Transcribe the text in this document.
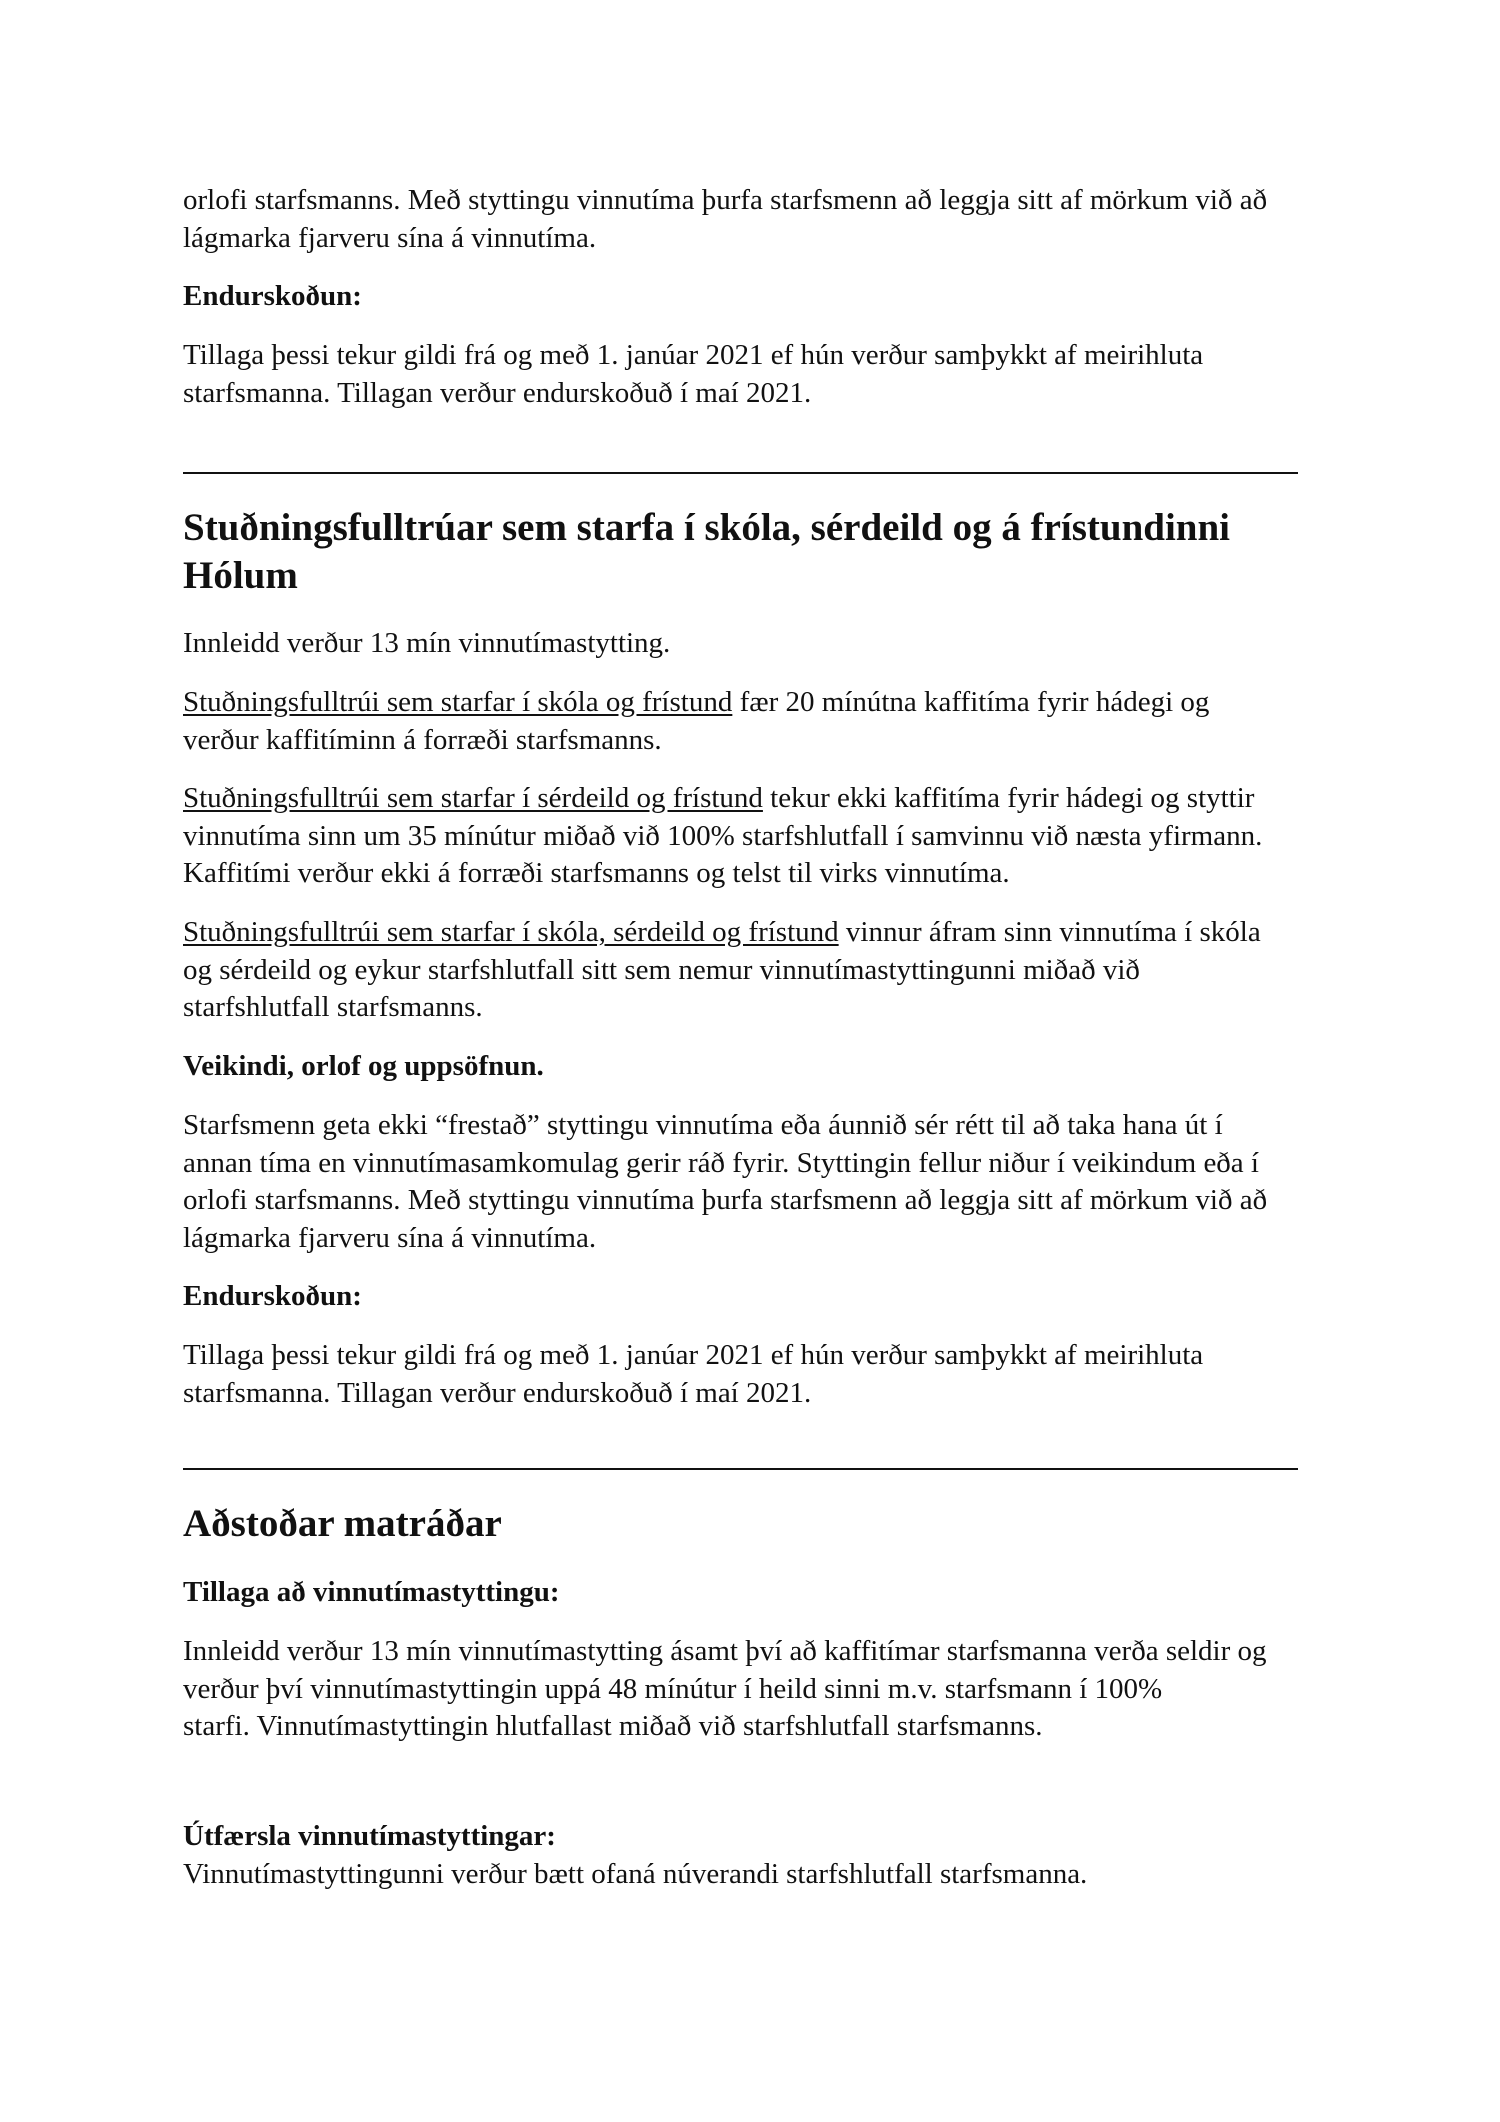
orlofi starfsmanns. Með styttingu vinnutíma þurfa starfsmenn að leggja sitt af mörkum við að

lágmarka fjarveru sína á vinnutíma.

Endurskoðun:

Tillaga þessi tekur gildi frá og með 1. janúar 2021 ef hún verður samþykkt af meirihluta

starfsmanna. Tillagan verður endurskoðuð í maí 2021.

Stuðningsfulltrúar sem starfa í skóla, sérdeild og á frístundinni
Hólum

Innleidd verður 13 mín vinnutímastytting.

Stuðningsfulltrúi sem starfar í skóla og frístund fær 20 mínútna kaffitíma fyrir hádegi og

verður kaffitíminn á forræði starfsmanns.

Stuðningsfulltrúi sem starfar í sérdeild og frístund tekur ekki kaffitíma fyrir hádegi og styttir

vinnutíma sinn um 35 mínútur miðað við 100% starfshlutfall í samvinnu við næsta yfirmann.

Kaffitími verður ekki á forræði starfsmanns og telst til virks vinnutíma.

Stuðningsfulltrúi sem starfar í skóla, sérdeild og frístund vinnur áfram sinn vinnutíma í skóla

og sérdeild og eykur starfshlutfall sitt sem nemur vinnutímastyttingunni miðað við

starfshlutfall starfsmanns.

Veikindi, orlof og uppsöfnun.

Starfsmenn geta ekki “frestað” styttingu vinnutíma eða áunnið sér rétt til að taka hana út í

annan tíma en vinnutímasamkomulag gerir ráð fyrir. Styttingin fellur niður í veikindum eða í

orlofi starfsmanns. Með styttingu vinnutíma þurfa starfsmenn að leggja sitt af mörkum við að

lágmarka fjarveru sína á vinnutíma.

Endurskoðun:

Tillaga þessi tekur gildi frá og með 1. janúar 2021 ef hún verður samþykkt af meirihluta

starfsmanna. Tillagan verður endurskoðuð í maí 2021.

Aðstoðar matráðar

Tillaga að vinnutímastyttingu:

Innleidd verður 13 mín vinnutímastytting ásamt því að kaffitímar starfsmanna verða seldir og

verður því vinnutímastyttingin uppá 48 mínútur í heild sinni m.v. starfsmann í 100%

starfi. Vinnutímastyttingin hlutfallast miðað við starfshlutfall starfsmanns.

Útfærsla vinnutímastyttingar:

Vinnutímastyttingunni verður bætt ofaná núverandi starfshlutfall starfsmanna.
